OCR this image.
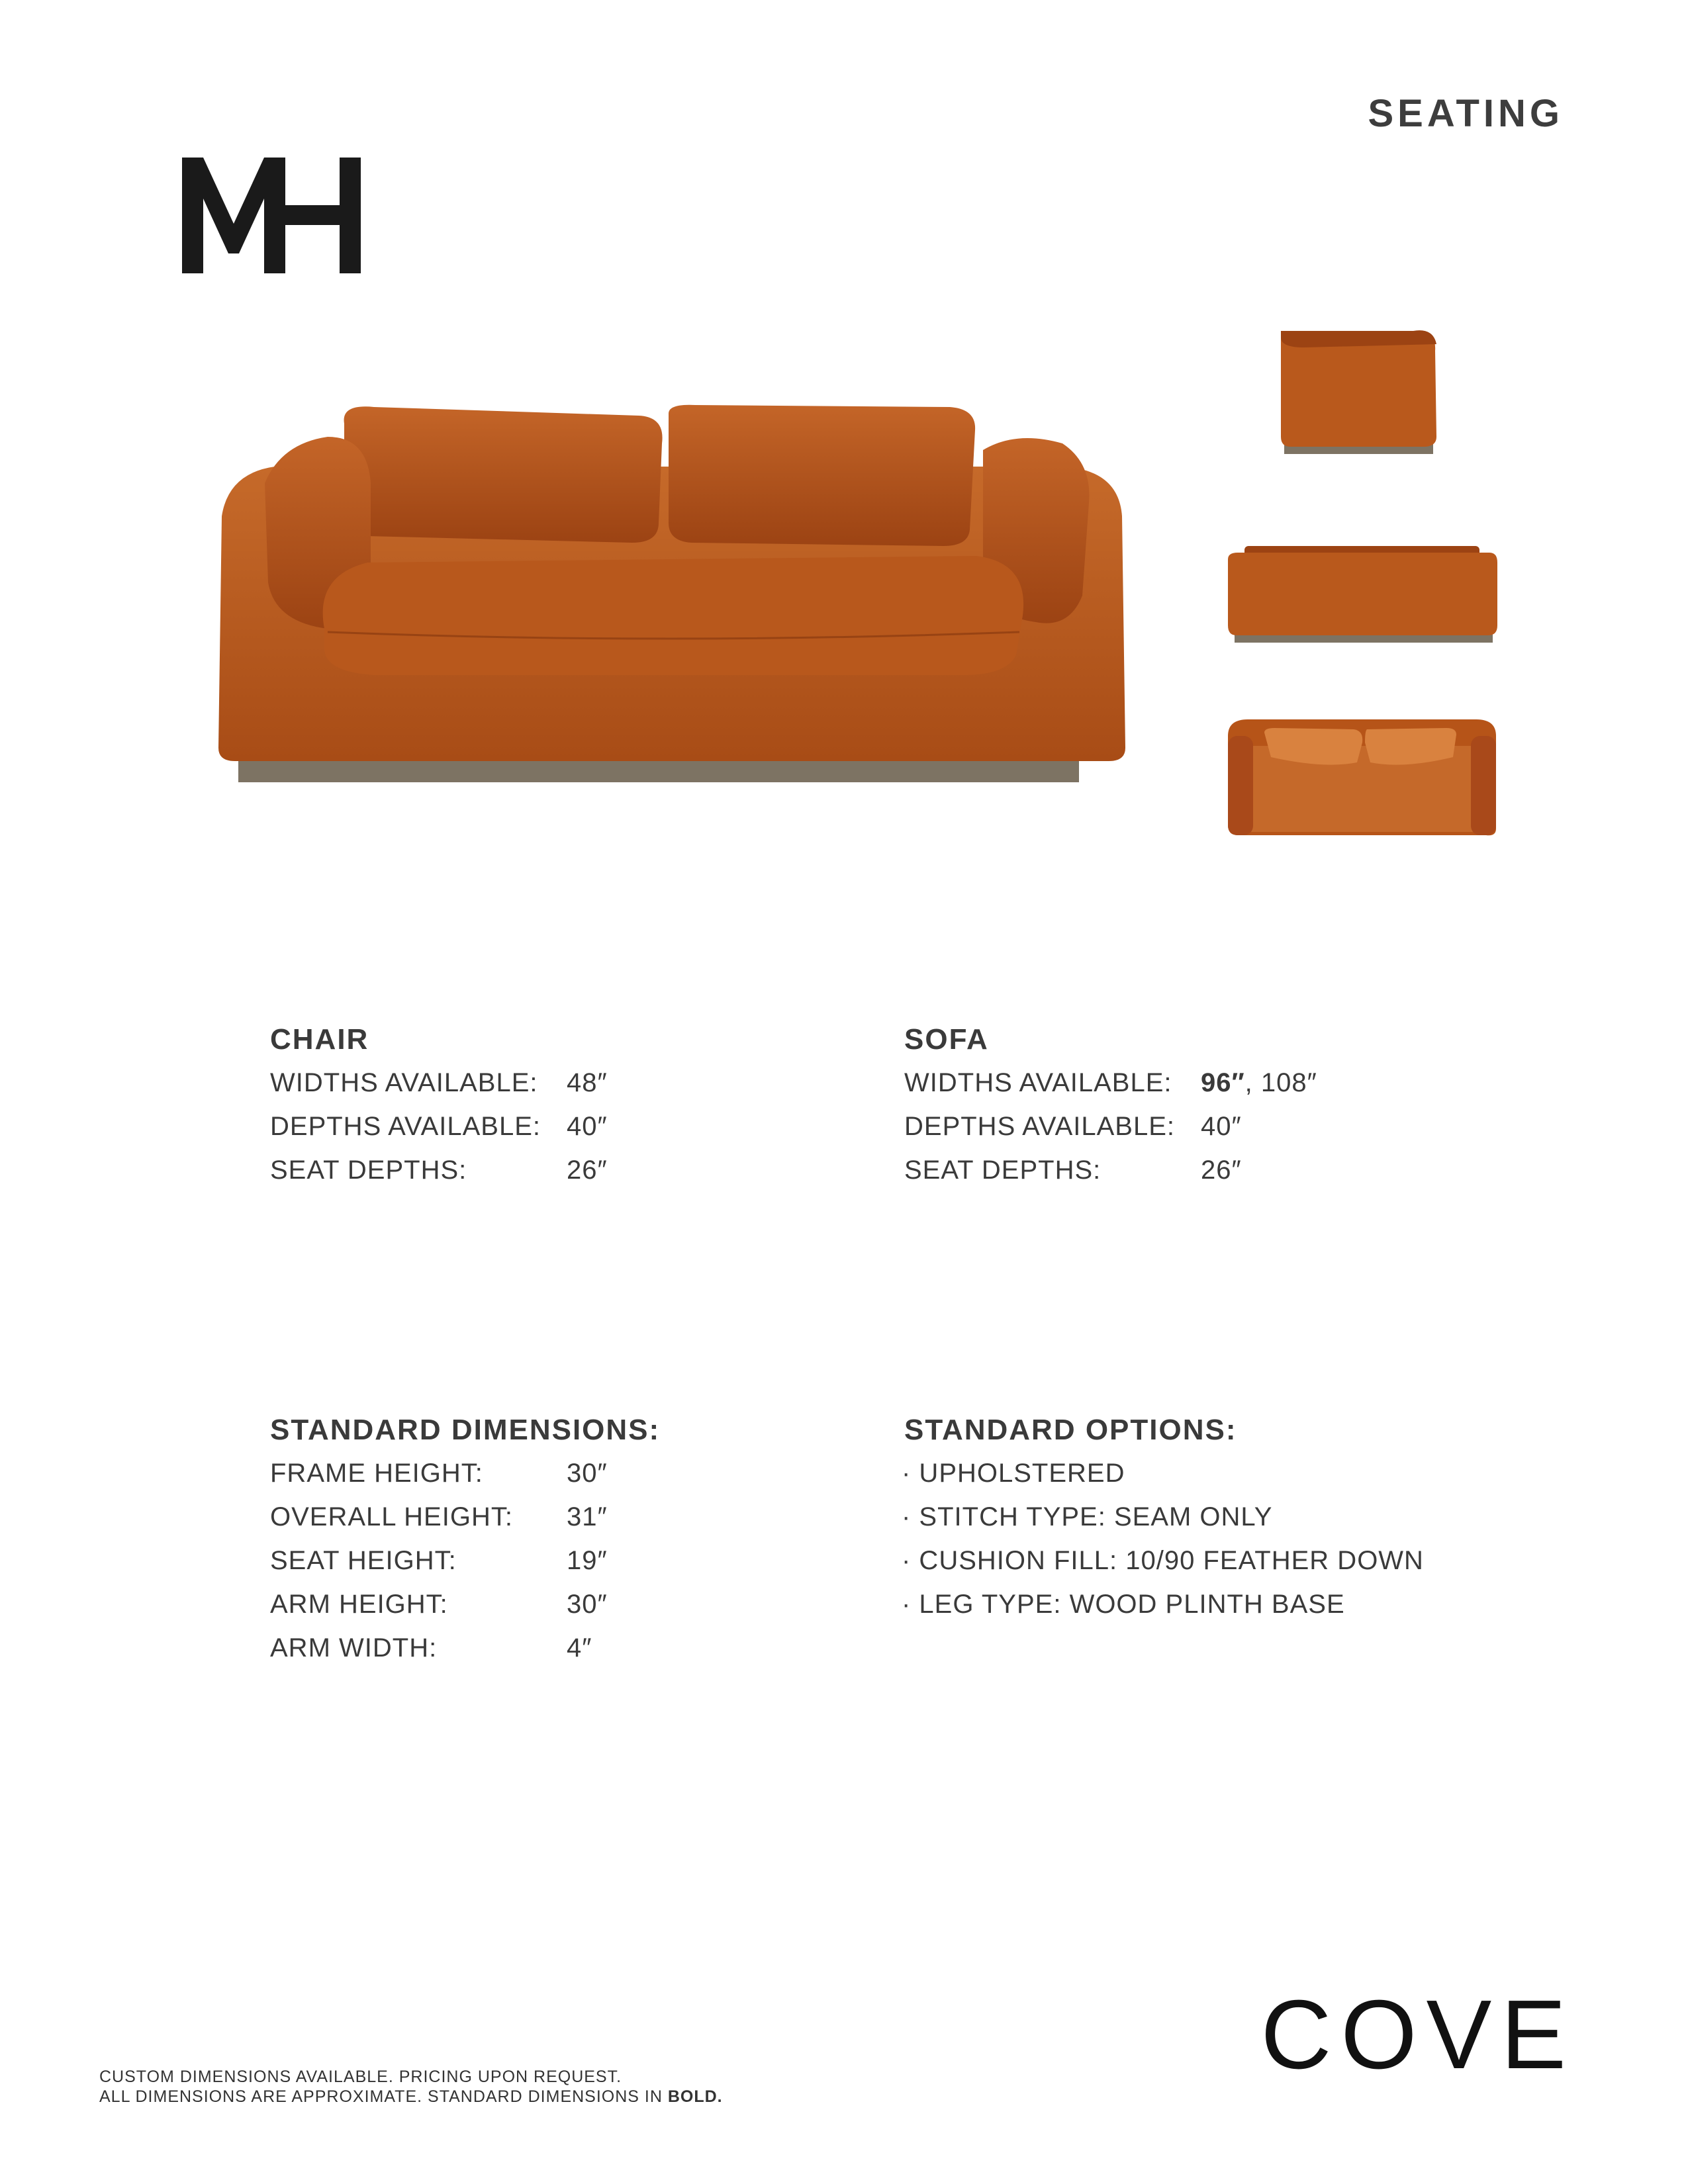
SEATING
CHAIR
WIDTHS AVAILABLE: 48″
DEPTHS AVAILABLE: 40″
SEAT DEPTHS:	26″
SOFA
WIDTHS AVAILABLE: 96″, 108″
DEPTHS AVAILABLE: 40″
SEAT DEPTHS:	26″
STANDARD DIMENSIONS:
FRAME HEIGHT:	30″
OVERALL HEIGHT: 31″
SEAT HEIGHT:	19″
ARM HEIGHT:	30″
ARM WIDTH:	4″
STANDARD OPTIONS:
· UPHOLSTERED
· STITCH TYPE: SEAM ONLY
· CUSHION FILL: 10/90 FEATHER DOWN
· LEG TYPE: WOOD PLINTH BASE
COVE
CUSTOM DIMENSIONS AVAILABLE. PRICING UPON REQUEST.
ALL DIMENSIONS ARE APPROXIMATE. STANDARD DIMENSIONS IN BOLD.
